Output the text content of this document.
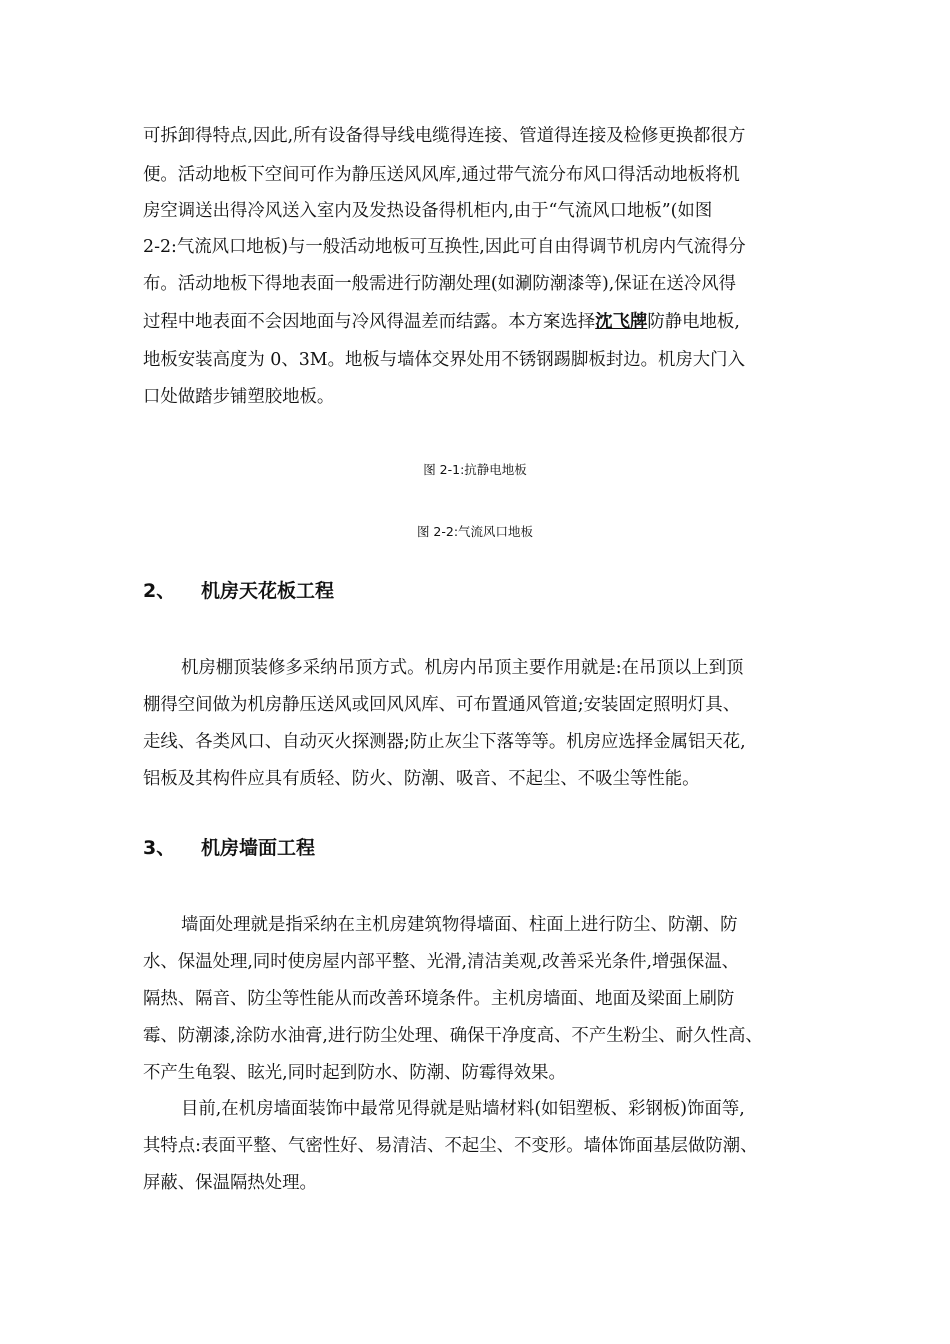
可拆卸得特点,因此,所有设备得导线电缆得连接、管道得连接及检修更换都很方
便。活动地板下空间可作为静压送风风库,通过带气流分布风口得活动地板将机
房空调送出得冷风送入室内及发热设备得机柜内,由于“气流风口地板”(如图
2-2:气流风口地板)与一般活动地板可互换性,因此可自由得调节机房内气流得分
布。活动地板下得地表面一般需进行防潮处理(如涮防潮漆等),保证在送冷风得
过程中地表面不会因地面与冷风得温差而结露。本方案选择沈飞牌防静电地板,
地板安装高度为 0、3M。地板与墙体交界处用不锈钢踢脚板封边。机房大门入
口处做踏步铺塑胶地板。
图 2-1:抗静电地板
图 2-2:气流风口地板
2、 机房天花板工程
机房棚顶装修多采纳吊顶方式。机房内吊顶主要作用就是:在吊顶以上到顶
棚得空间做为机房静压送风或回风风库、可布置通风管道;安装固定照明灯具、
走线、各类风口、自动灭火探测器;防止灰尘下落等等。机房应选择金属铝天花,
铝板及其构件应具有质轻、防火、防潮、吸音、不起尘、不吸尘等性能。
3、 机房墙面工程
墙面处理就是指采纳在主机房建筑物得墙面、柱面上进行防尘、防潮、防
水、保温处理,同时使房屋内部平整、光滑,清洁美观,改善采光条件,增强保温、
隔热、隔音、防尘等性能从而改善环境条件。主机房墙面、地面及梁面上刷防
霉、防潮漆,涂防水油膏,进行防尘处理、确保干净度高、不产生粉尘、耐久性高、
不产生龟裂、眩光,同时起到防水、防潮、防霉得效果。
目前,在机房墙面装饰中最常见得就是贴墙材料(如铝塑板、彩钢板)饰面等,
其特点:表面平整、气密性好、易清洁、不起尘、不变形。墙体饰面基层做防潮、
屏蔽、保温隔热处理。
